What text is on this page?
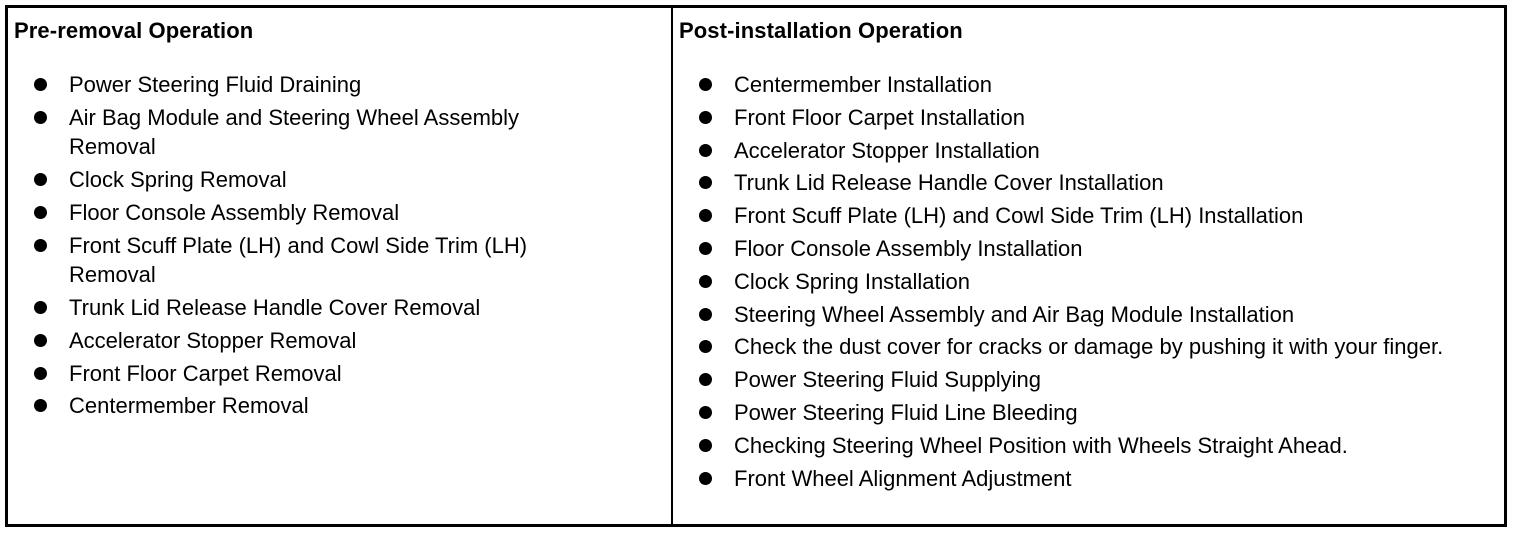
Pre-removal Operation
Power Steering Fluid Draining
Air Bag Module and Steering Wheel Assembly Removal
Clock Spring Removal
Floor Console Assembly Removal
Front Scuff Plate (LH) and Cowl Side Trim (LH) Removal
Trunk Lid Release Handle Cover Removal
Accelerator Stopper Removal
Front Floor Carpet Removal
Centermember Removal
Post-installation Operation
Centermember Installation
Front Floor Carpet Installation
Accelerator Stopper Installation
Trunk Lid Release Handle Cover Installation
Front Scuff Plate (LH) and Cowl Side Trim (LH) Installation
Floor Console Assembly Installation
Clock Spring Installation
Steering Wheel Assembly and Air Bag Module Installation
Check the dust cover for cracks or damage by pushing it with your finger.
Power Steering Fluid Supplying
Power Steering Fluid Line Bleeding
Checking Steering Wheel Position with Wheels Straight Ahead.
Front Wheel Alignment Adjustment
